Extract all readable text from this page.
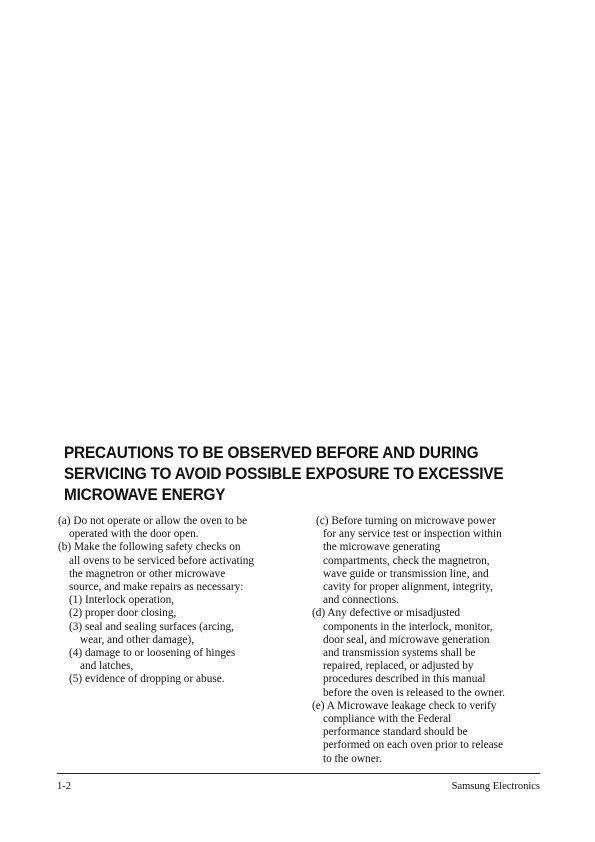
PRECAUTIONS TO BE OBSERVED BEFORE AND DURING
SERVICING TO AVOID POSSIBLE EXPOSURE TO EXCESSIVE
MICROWAVE ENERGY
(a) Do not operate or allow the oven to be
operated with the door open.
(b) Make the following safety checks on
all ovens to be serviced before activating
the magnetron or other microwave
source, and make repairs as necessary:
(1) Interlock operation,
(2) proper door closing,
(3) seal and sealing surfaces (arcing,
wear, and other damage),
(4) damage to or loosening of hinges
and latches,
(5) evidence of dropping or abuse.
(c) Before turning on microwave power
for any service test or inspection within
the microwave generating
compartments, check the magnetron,
wave guide or transmission line, and
cavity for proper alignment, integrity,
and connections.
(d) Any defective or misadjusted
components in the interlock, monitor,
door seal, and microwave generation
and transmission systems shall be
repaired, replaced, or adjusted by
procedures described in this manual
before the oven is released to the owner.
(e) A Microwave leakage check to verify
compliance with the Federal
performance standard should be
performed on each oven prior to release
to the owner.
1-2	Samsung Electronics
